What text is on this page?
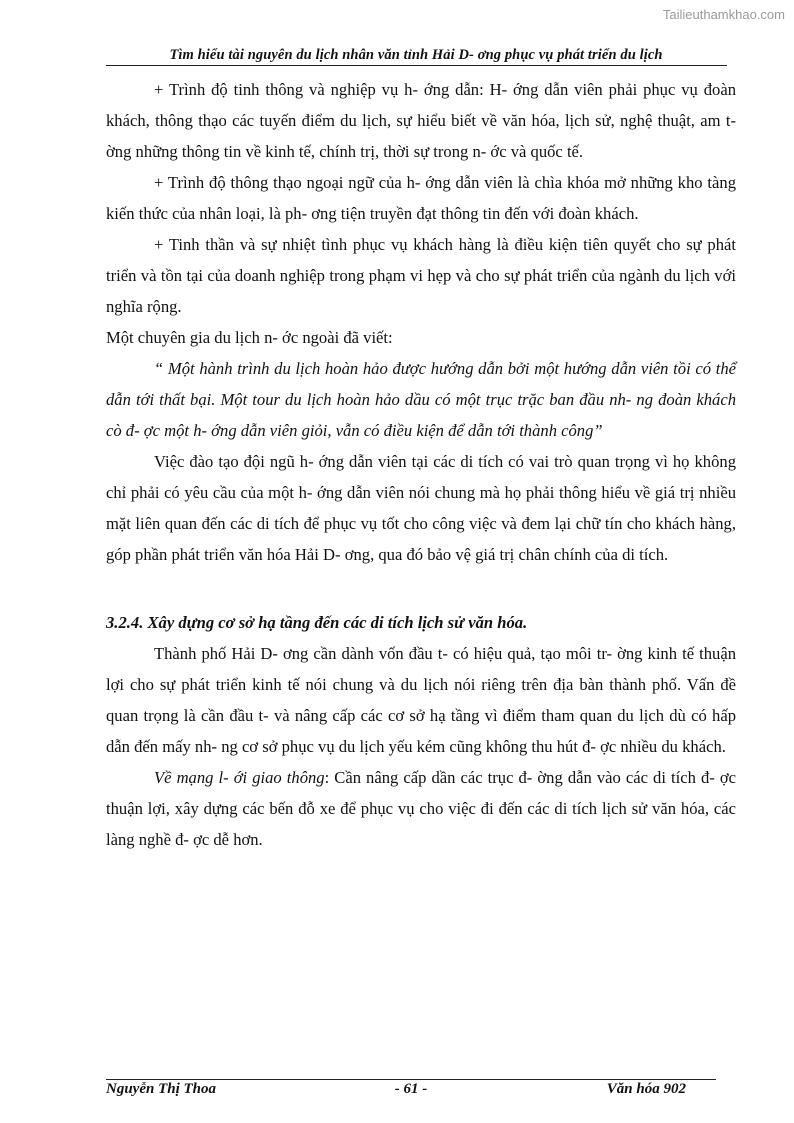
Tailieuthamkhao.com
Tìm hiểu tài nguyên du lịch nhân văn tỉnh Hải D- ơng phục vụ phát triển du lịch

+ Trình độ tinh thông và nghiệp vụ h- ớng dẫn: H- ớng dẫn viên phải phục vụ đoàn khách, thông thạo các tuyến điểm du lịch, sự hiểu biết về văn hóa, lịch sử, nghệ thuật, am t- ờng những thông tin về kinh tế, chính trị, thời sự trong n- ớc và quốc tế.

+ Trình độ thông thạo ngoại ngữ của h- ớng dẫn viên là chìa khóa mở những kho tàng kiến thức của nhân loại, là ph- ơng tiện truyền đạt thông tin đến với đoàn khách.

+ Tinh thần và sự nhiệt tình phục vụ khách hàng là điều kiện tiên quyết cho sự phát triển và tồn tại của doanh nghiệp trong phạm vi hẹp và cho sự phát triển của ngành du lịch với nghĩa rộng.

Một chuyên gia du lịch n- ớc ngoài đã viết:

“ Một hành trình du lịch hoàn hảo được hướng dẫn bởi một hướng dẫn viên tồi có thể dẫn tới thất bại. Một tour du lịch hoàn hảo dầu có một trục trặc ban đầu nh- ng đoàn khách cò đ- ợc một h- ớng dẫn viên giỏi, vẫn có điều kiện để dẫn tới thành công”

Việc đào tạo đội ngũ h- ớng dẫn viên tại các di tích có vai trò quan trọng vì họ không chỉ phải có yêu cầu của một h- ớng dẫn viên nói chung mà họ phải thông hiểu về giá trị nhiều mặt liên quan đến các di tích để phục vụ tốt cho công việc và đem lại chữ tín cho khách hàng, góp phần phát triển văn hóa Hải D- ơng, qua đó bảo vệ giá trị chân chính của di tích.

3.2.4. Xây dựng cơ sở hạ tầng đến các di tích lịch sử văn hóa.

Thành phố Hải D- ơng cần dành vốn đầu t- có hiệu quả, tạo môi tr- ờng kinh tế thuận lợi cho sự phát triển kinh tế nói chung và du lịch nói riêng trên địa bàn thành phố. Vấn đề quan trọng là cần đầu t- và nâng cấp các cơ sở hạ tầng vì điểm tham quan du lịch dù có hấp dẫn đến mấy nh- ng cơ sở phục vụ du lịch yếu kém cũng không thu hút đ- ợc nhiều du khách.

Về mạng l- ới giao thông: Cần nâng cấp dần các trục đ- ờng dẫn vào các di tích đ- ợc thuận lợi, xây dựng các bến đỗ xe để phục vụ cho việc đi đến các di tích lịch sử văn hóa, các làng nghề đ- ợc dễ hơn.

Nguyễn Thị Thoa	- 61 -	Văn hóa 902
